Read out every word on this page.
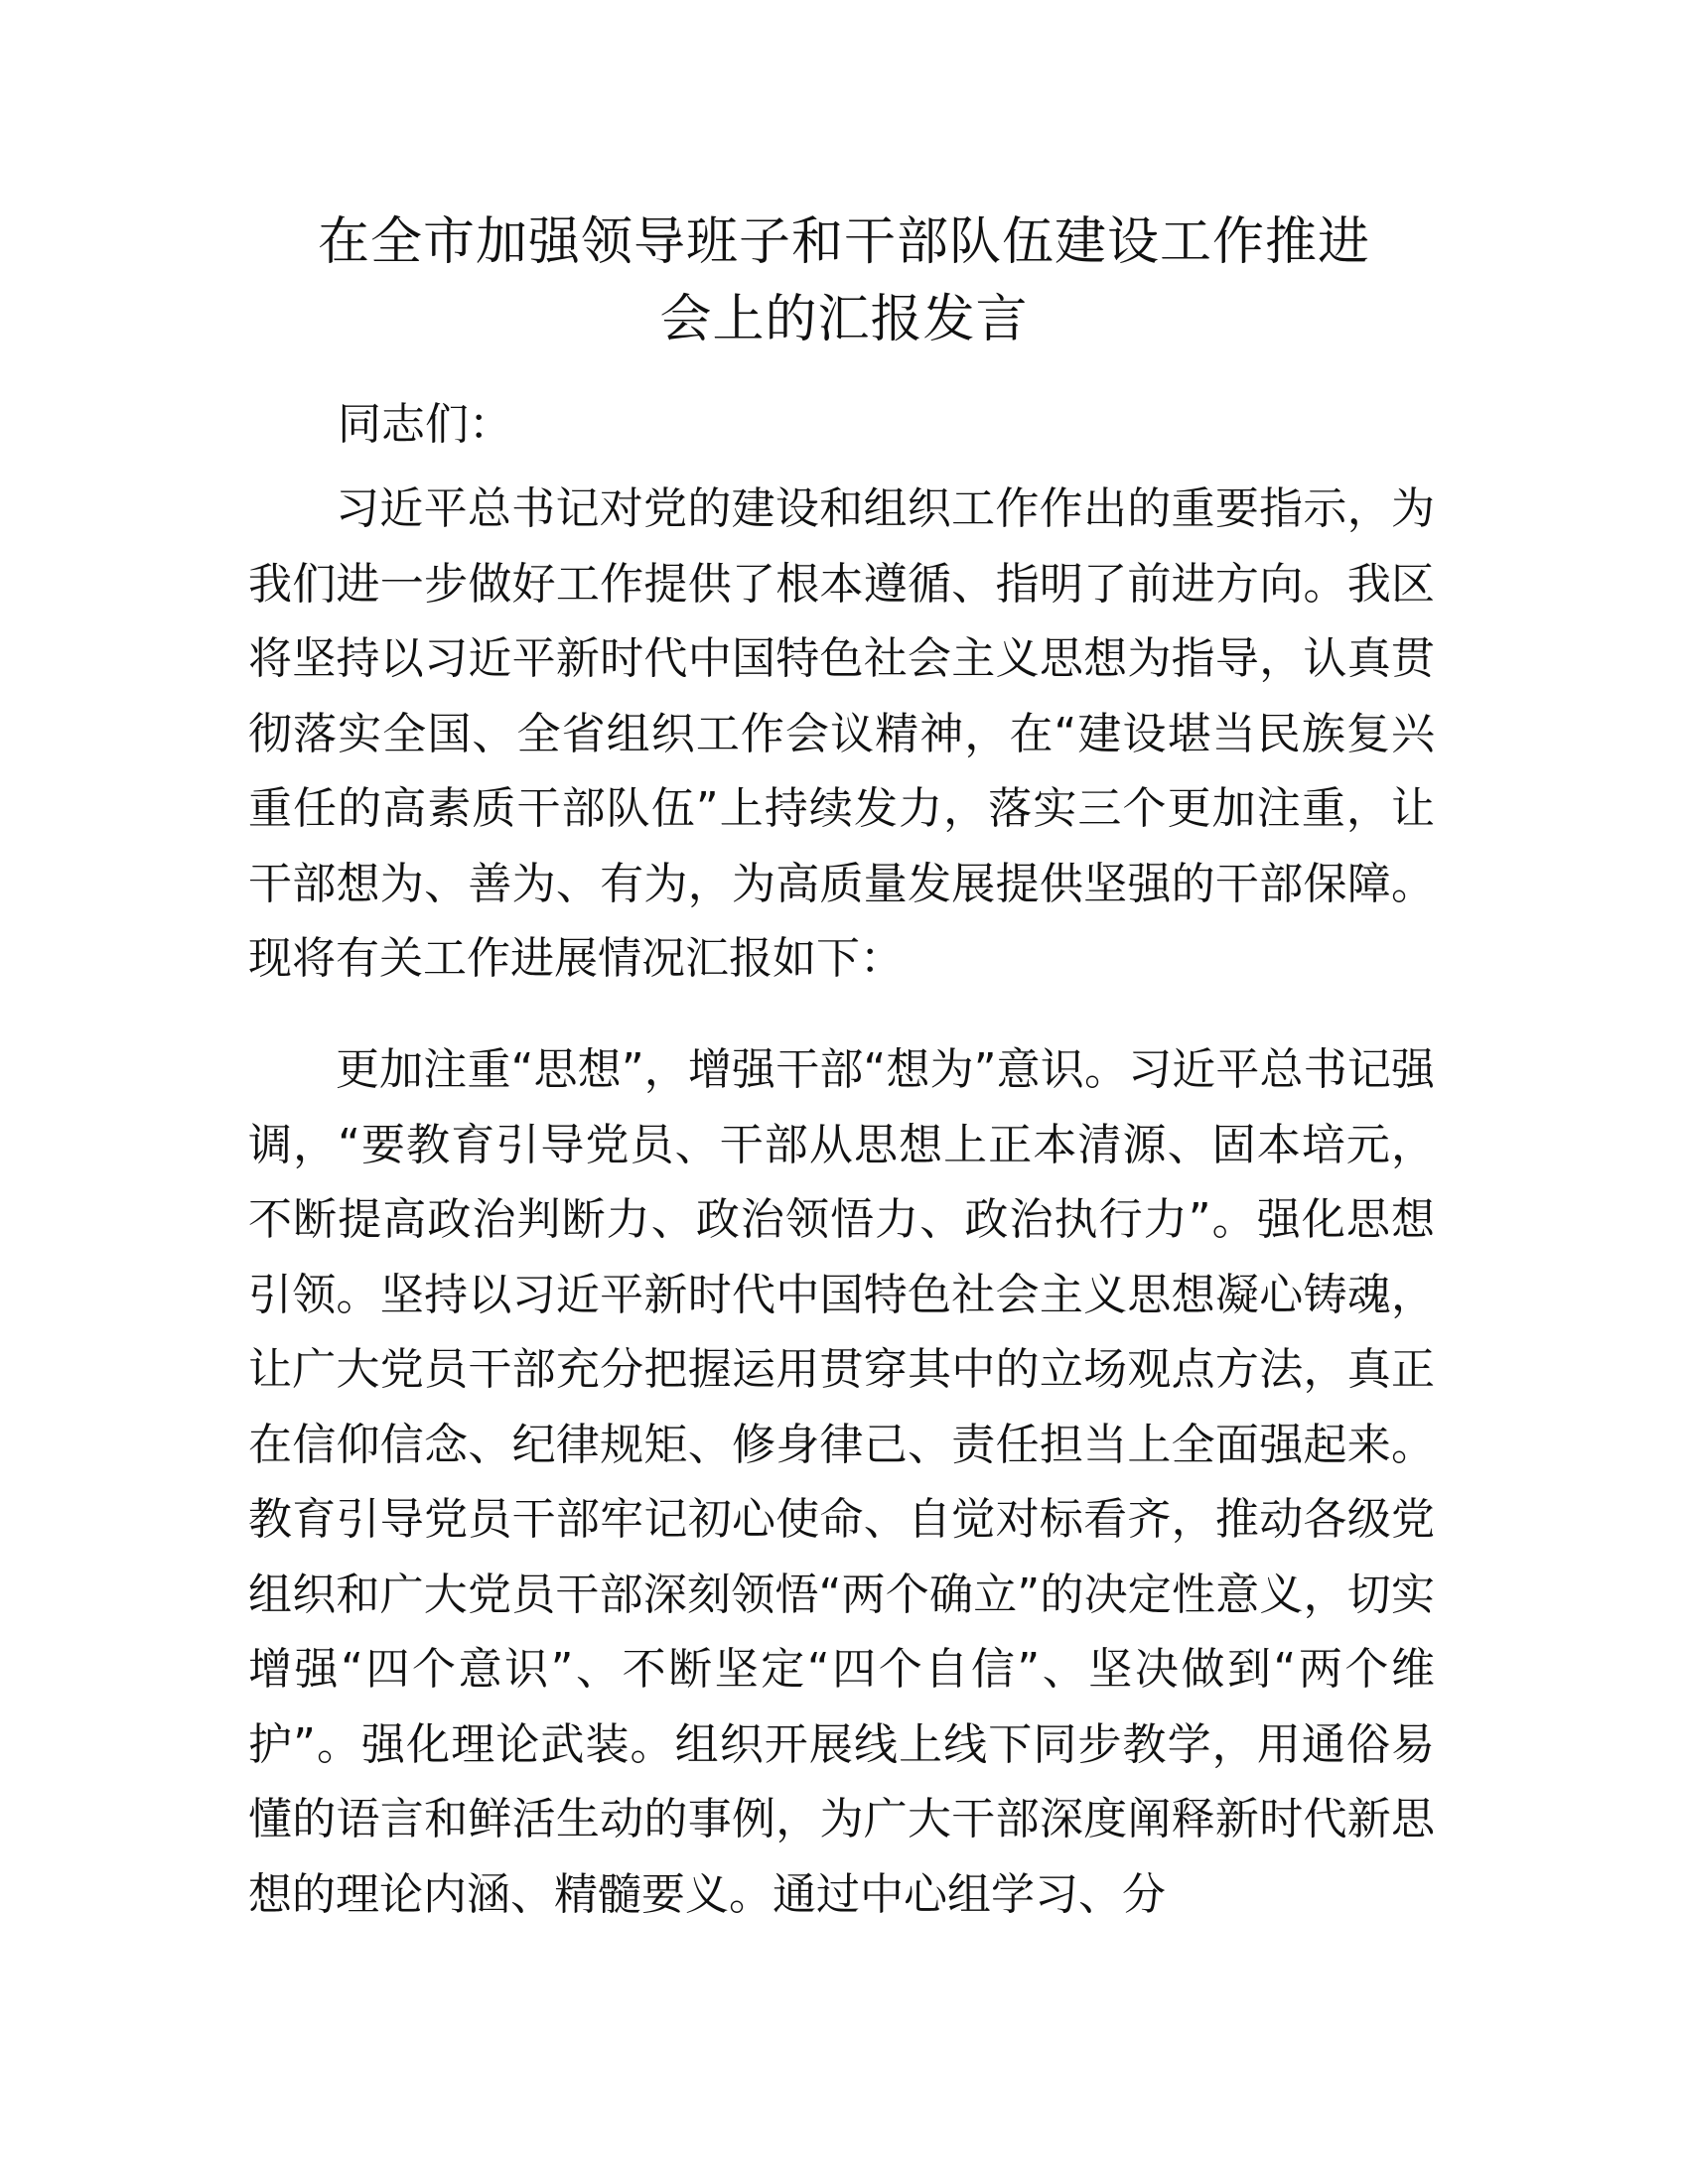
在全市加强领导班子和干部队伍建设工作推进
会上的汇报发言

同志们：

习近平总书记对党的建设和组织工作作出的重要指示，为我们进一步做好工作提供了根本遵循、指明了前进方向。我区将坚持以习近平新时代中国特色社会主义思想为指导，认真贯彻落实全国、全省组织工作会议精神，在“建设堪当民族复兴重任的高素质干部队伍”上持续发力，落实三个更加注重，让干部想为、善为、有为，为高质量发展提供坚强的干部保障。现将有关工作进展情况汇报如下：

更加注重“思想”，增强干部“想为”意识。习近平总书记强调，“要教育引导党员、干部从思想上正本清源、固本培元，不断提高政治判断力、政治领悟力、政治执行力”。强化思想引领。坚持以习近平新时代中国特色社会主义思想凝心铸魂，让广大党员干部充分把握运用贯穿其中的立场观点方法，真正在信仰信念、纪律规矩、修身律己、责任担当上全面强起来。教育引导党员干部牢记初心使命、自觉对标看齐，推动各级党组织和广大党员干部深刻领悟“两个确立”的决定性意义，切实增强“四个意识”、不断坚定“四个自信”、坚决做到“两个维护”。强化理论武装。组织开展线上线下同步教学，用通俗易懂的语言和鲜活生动的事例，为广大干部深度阐释新时代新思想的理论内涵、精髓要义。通过中心组学习、分
